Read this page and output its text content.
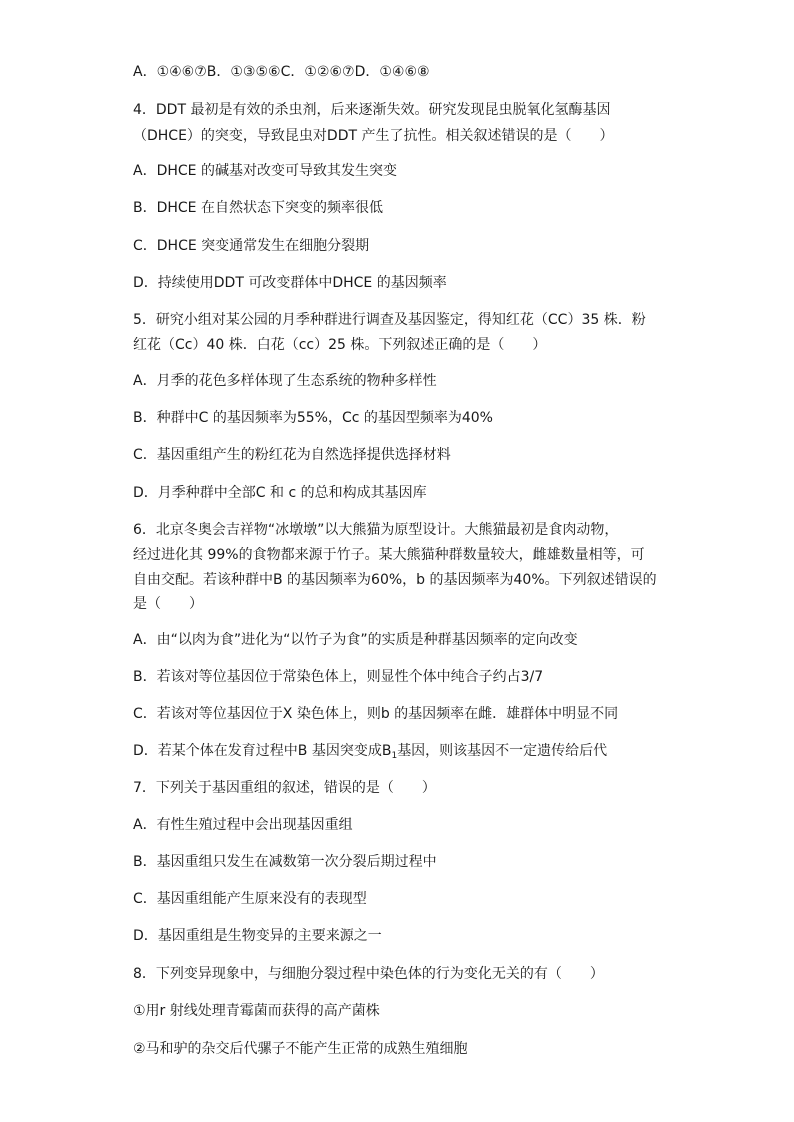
A．①④⑥⑦B．①③⑤⑥C．①②⑥⑦D．①④⑥⑧
4．DDT 最初是有效的杀虫剂，后来逐渐失效。研究发现昆虫脱氧化氢酶基因
（DHCE）的突变，导致昆虫对DDT 产生了抗性。相关叙述错误的是（　　）
A．DHCE 的碱基对改变可导致其发生突变
B．DHCE 在自然状态下突变的频率很低
C．DHCE 突变通常发生在细胞分裂期
D．持续使用DDT 可改变群体中DHCE 的基因频率
5．研究小组对某公园的月季种群进行调查及基因鉴定，得知红花（CC）35 株．粉
红花（Cc）40 株．白花（cc）25 株。下列叙述正确的是（　　）
A．月季的花色多样体现了生态系统的物种多样性
B．种群中C 的基因频率为55%，Cc 的基因型频率为40%
C．基因重组产生的粉红花为自然选择提供选择材料
D．月季种群中全部C 和 c 的总和构成其基因库
6．北京冬奥会吉祥物“冰墩墩”以大熊猫为原型设计。大熊猫最初是食肉动物，
经过进化其 99%的食物都来源于竹子。某大熊猫种群数量较大，雌雄数量相等，可
自由交配。若该种群中B 的基因频率为60%，b 的基因频率为40%。下列叙述错误的
是（　　）
A．由“以肉为食”进化为“以竹子为食”的实质是种群基因频率的定向改变
B．若该对等位基因位于常染色体上，则显性个体中纯合子约占3/7
C．若该对等位基因位于X 染色体上，则b 的基因频率在雌．雄群体中明显不同
D．若某个体在发育过程中B 基因突变成$B_1$基因，则该基因不一定遗传给后代
7．下列关于基因重组的叙述，错误的是（　　）
A．有性生殖过程中会出现基因重组
B．基因重组只发生在减数第一次分裂后期过程中
C．基因重组能产生原来没有的表现型
D．基因重组是生物变异的主要来源之一
8．下列变异现象中，与细胞分裂过程中染色体的行为变化无关的有（　　）
①用r 射线处理青霉菌而获得的高产菌株
②马和驴的杂交后代骡子不能产生正常的成熟生殖细胞
